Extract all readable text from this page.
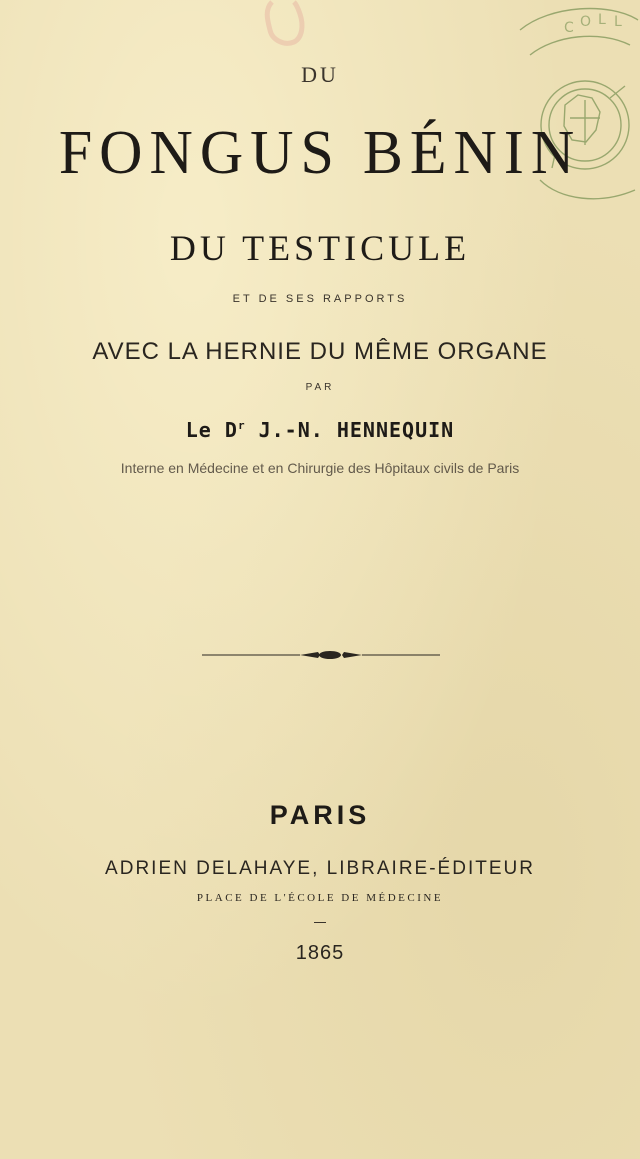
C O L L
DU
FONGUS BÉNIN
DU TESTICULE
ET DE SES RAPPORTS
AVEC LA HERNIE DU MÊME ORGANE
PAR
Le $D^r$ J.-N. HENNEQUIN
Interne en Médecine et en Chirurgie des Hôpitaux civils de Paris
PARIS
ADRIEN DELAHAYE, LIBRAIRE-ÉDITEUR
PLACE DE L'ÉCOLE DE MÉDECINE
1865
